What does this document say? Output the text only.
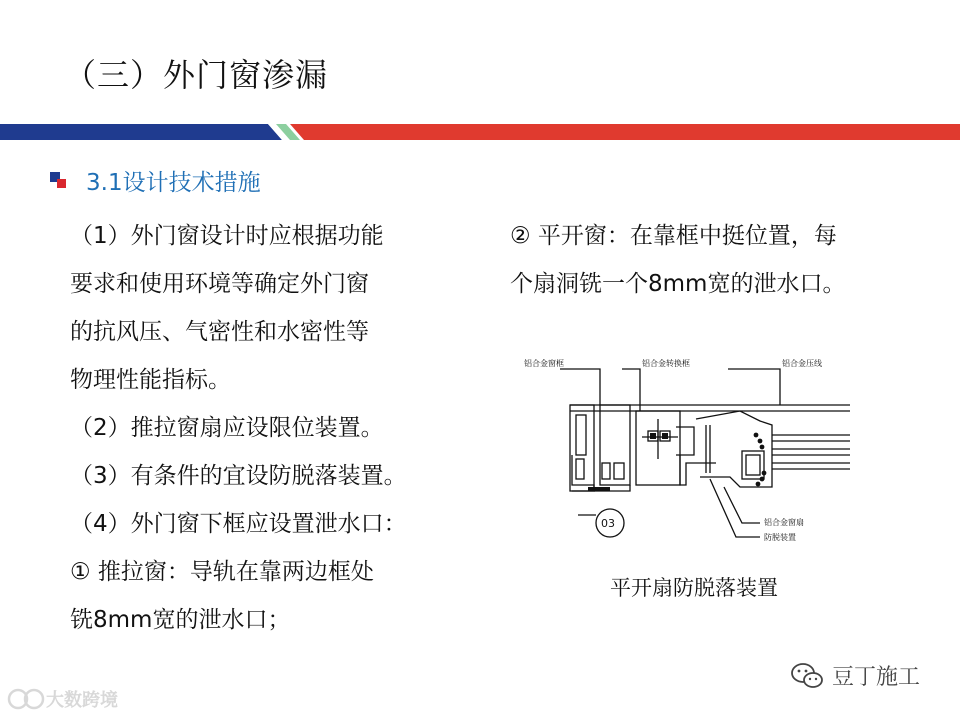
（三）外门窗渗漏
3.1设计技术措施
（1）外门窗设计时应根据功能
要求和使用环境等确定外门窗
的抗风压、气密性和水密性等
物理性能指标。
（2）推拉窗扇应设限位装置。
（3）有条件的宜设防脱落装置。
（4）外门窗下框应设置泄水口：
① 推拉窗：导轨在靠两边框处
铣8mm宽的泄水口；
② 平开窗：在靠框中挺位置，每
个扇洞铣一个8mm宽的泄水口。
铝合金窗框	铝合金转换框	铝合金压线
铝合金窗扇
防脱装置
03
平开扇防脱落装置
大数跨境
豆丁施工
